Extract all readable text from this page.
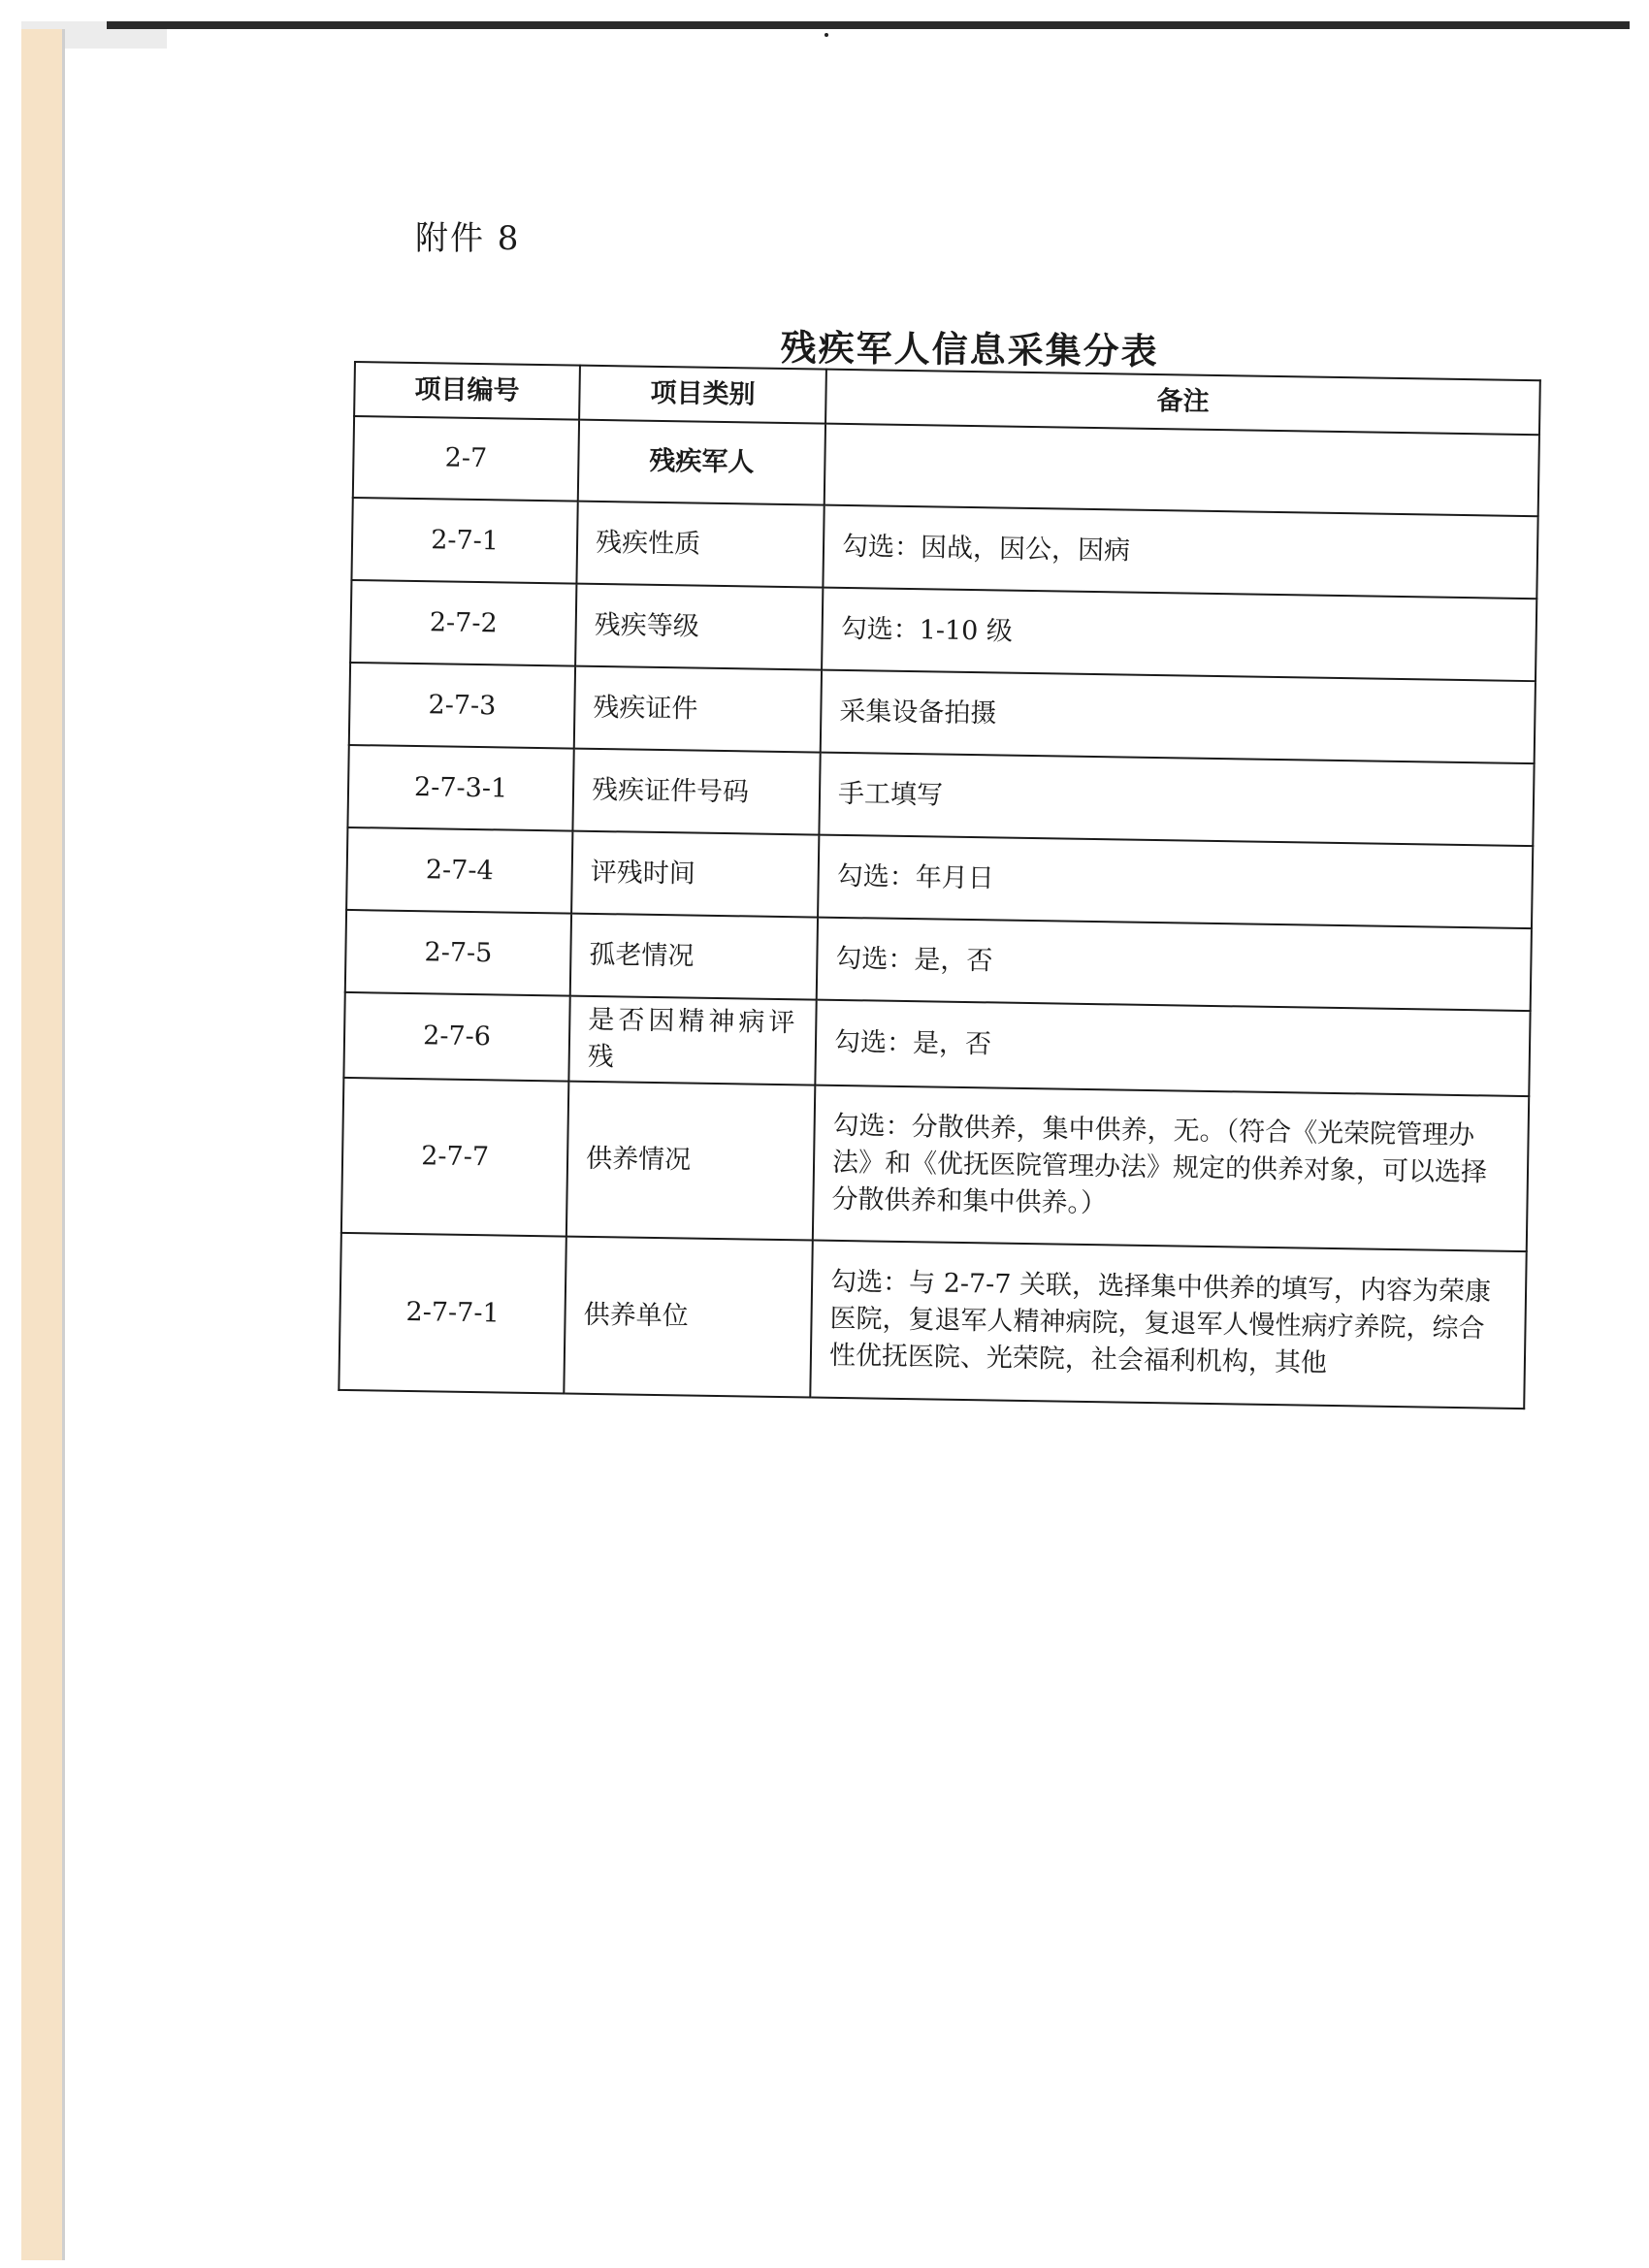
附件 8
残疾军人信息采集分表
项目编号	项目类别	备注
2-7	残疾军人	
2-7-1	残疾性质	勾选：因战，因公，因病
2-7-2	残疾等级	勾选：1-10 级
2-7-3	残疾证件	采集设备拍摄
2-7-3-1	残疾证件号码	手工填写
2-7-4	评残时间	勾选：年月日
2-7-5	孤老情况	勾选：是，否
2-7-6	是否因精神病评残	勾选：是，否
2-7-7	供养情况	勾选：分散供养，集中供养，无。（符合《光荣院管理办法》和《优抚医院管理办法》规定的供养对象，可以选择分散供养和集中供养。）
2-7-7-1	供养单位	勾选：与 2-7-7 关联，选择集中供养的填写，内容为荣康医院，复退军人精神病院，复退军人慢性病疗养院，综合性优抚医院、光荣院，社会福利机构，其他
